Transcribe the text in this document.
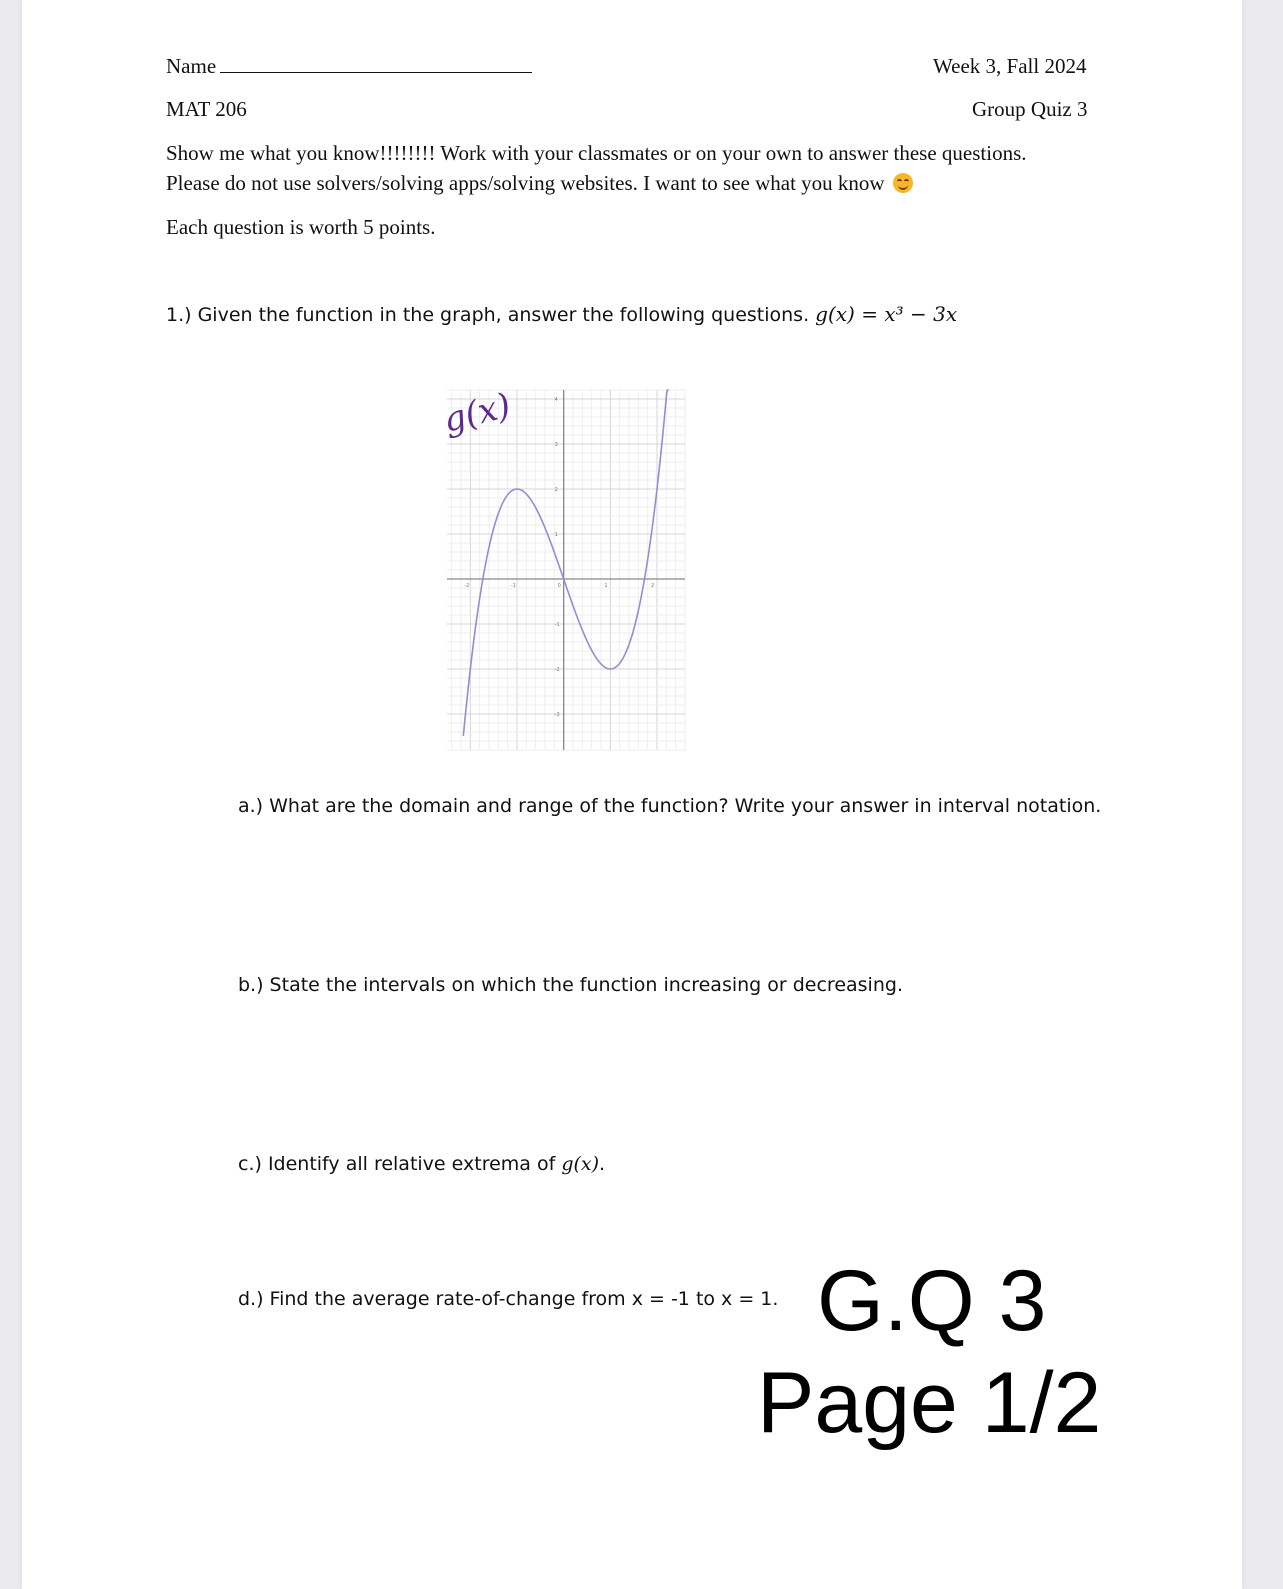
Name	Week 3, Fall 2024
MAT 206	Group Quiz 3
Show me what you know!!!!!!!! Work with your classmates or on your own to answer these questions.
Please do not use solvers/solving apps/solving websites. I want to see what you know
Each question is worth 5 points.
1.) Given the function in the graph, answer the following questions. g(x) = x³ − 3x
-2	-1	0	1	2
4
3
2
1
-1
-2
-3
g(x)
a.) What are the domain and range of the function? Write your answer in interval notation.
b.) State the intervals on which the function increasing or decreasing.
c.) Identify all relative extrema of g(x).
d.) Find the average rate-of-change from x = -1 to x = 1. G.Q 3
Page 1/2
